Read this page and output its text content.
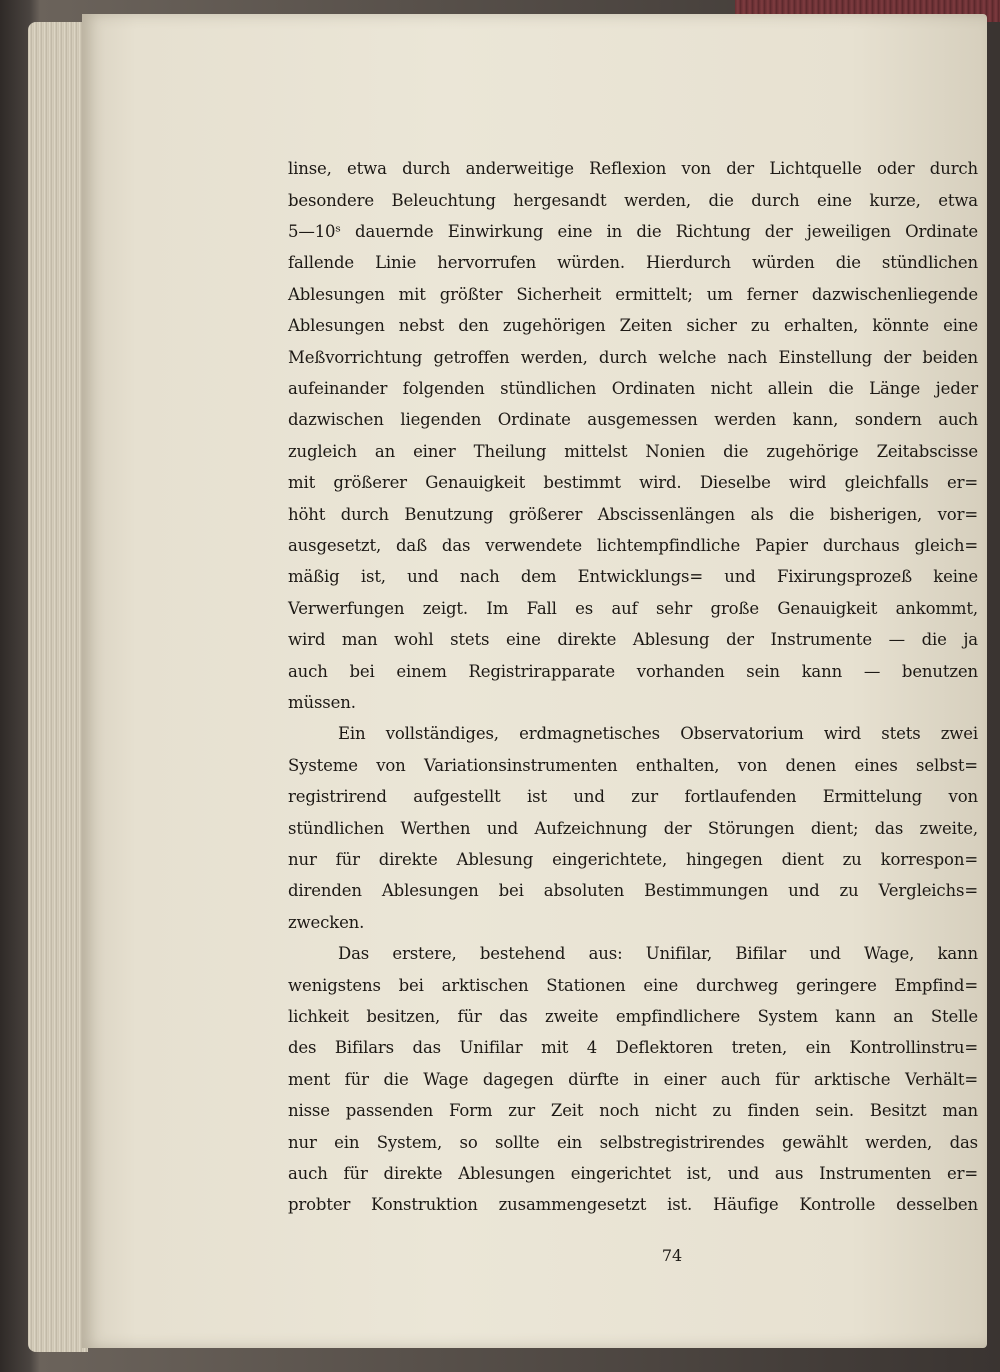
linse, etwa durch anderweitige Reflexion von der Lichtquelle oder durch
besondere Beleuchtung hergesandt werden, die durch eine kurze, etwa
5—10ˢ dauernde Einwirkung eine in die Richtung der jeweiligen Ordinate
fallende Linie hervorrufen würden. Hierdurch würden die stündlichen
Ablesungen mit größter Sicherheit ermittelt; um ferner dazwischenliegende
Ablesungen nebst den zugehörigen Zeiten sicher zu erhalten, könnte eine
Meßvorrichtung getroffen werden, durch welche nach Einstellung der beiden
aufeinander folgenden stündlichen Ordinaten nicht allein die Länge jeder
dazwischen liegenden Ordinate ausgemessen werden kann, sondern auch
zugleich an einer Theilung mittelst Nonien die zugehörige Zeitabscisse
mit größerer Genauigkeit bestimmt wird. Dieselbe wird gleichfalls er=
höht durch Benutzung größerer Abscissenlängen als die bisherigen, vor=
ausgesetzt, daß das verwendete lichtempfindliche Papier durchaus gleich=
mäßig ist, und nach dem Entwicklungs= und Fixirungsprozeß keine
Verwerfungen zeigt. Im Fall es auf sehr große Genauigkeit ankommt,
wird man wohl stets eine direkte Ablesung der Instrumente — die ja
auch bei einem Registrirapparate vorhanden sein kann — benutzen
müssen.
Ein vollständiges, erdmagnetisches Observatorium wird stets zwei
Systeme von Variationsinstrumenten enthalten, von denen eines selbst=
registrirend aufgestellt ist und zur fortlaufenden Ermittelung von
stündlichen Werthen und Aufzeichnung der Störungen dient; das zweite,
nur für direkte Ablesung eingerichtete, hingegen dient zu korrespon=
direnden Ablesungen bei absoluten Bestimmungen und zu Vergleichs=
zwecken.
Das erstere, bestehend aus: Unifilar, Bifilar und Wage, kann
wenigstens bei arktischen Stationen eine durchweg geringere Empfind=
lichkeit besitzen, für das zweite empfindlichere System kann an Stelle
des Bifilars das Unifilar mit 4 Deflektoren treten, ein Kontrollinstru=
ment für die Wage dagegen dürfte in einer auch für arktische Verhält=
nisse passenden Form zur Zeit noch nicht zu finden sein. Besitzt man
nur ein System, so sollte ein selbstregistrirendes gewählt werden, das
auch für direkte Ablesungen eingerichtet ist, und aus Instrumenten er=
probter Konstruktion zusammengesetzt ist. Häufige Kontrolle desselben
74
